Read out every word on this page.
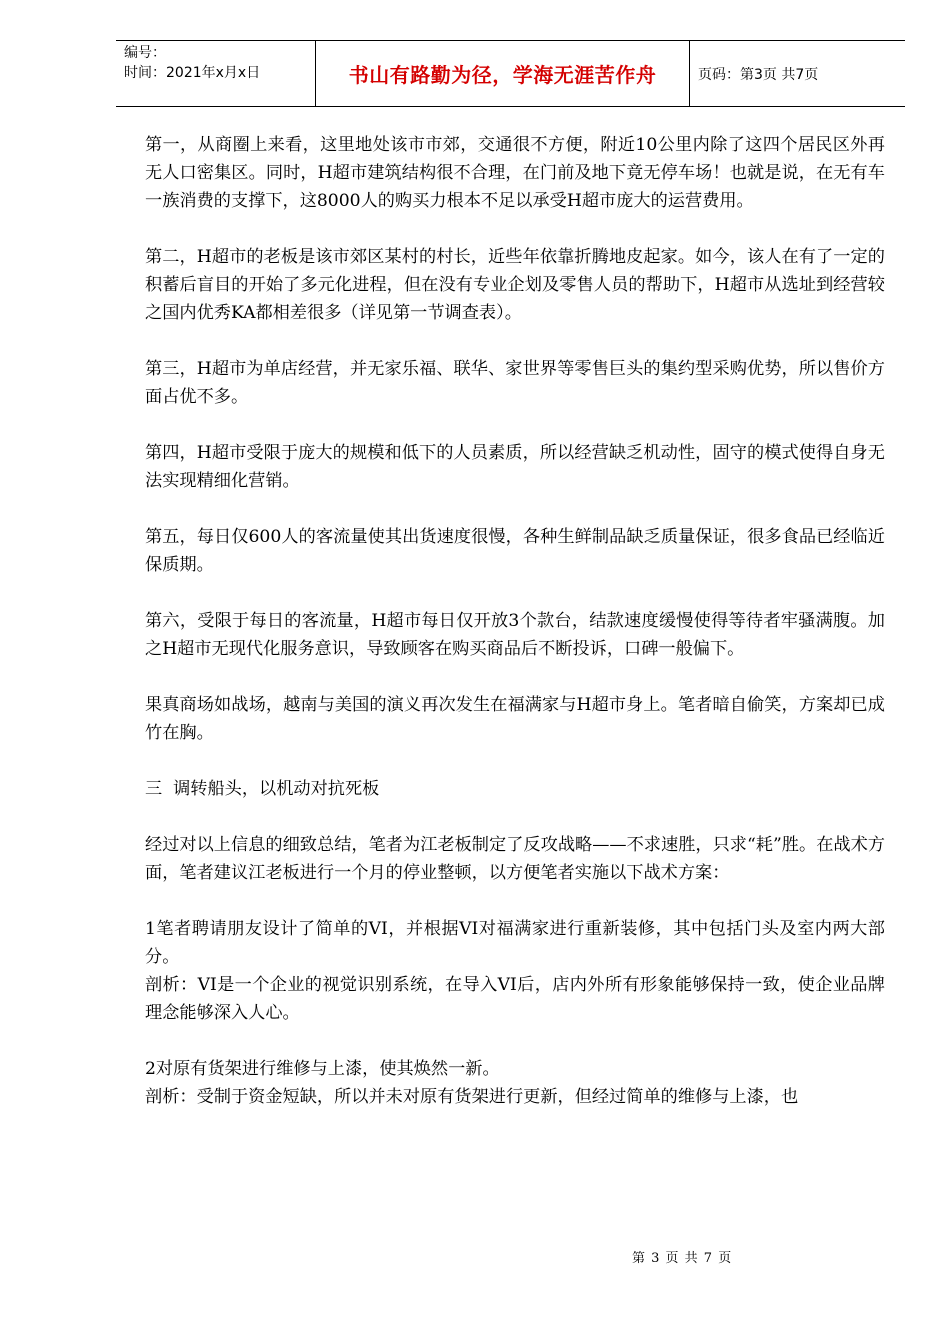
编号：
时间：2021年x月x日	书山有路勤为径，学海无涯苦作舟	页码：第3页 共7页

第一，从商圈上来看，这里地处该市市郊，交通很不方便，附近10公里内除了这四个居民区外再无人口密集区。同时，H超市建筑结构很不合理，在门前及地下竟无停车场！也就是说，在无有车一族消费的支撑下，这8000人的购买力根本不足以承受H超市庞大的运营费用。

第二，H超市的老板是该市郊区某村的村长，近些年依靠折腾地皮起家。如今，该人在有了一定的积蓄后盲目的开始了多元化进程，但在没有专业企划及零售人员的帮助下，H超市从选址到经营较之国内优秀KA都相差很多（详见第一节调查表）。

第三，H超市为单店经营，并无家乐福、联华、家世界等零售巨头的集约型采购优势，所以售价方面占优不多。

第四，H超市受限于庞大的规模和低下的人员素质，所以经营缺乏机动性，固守的模式使得自身无法实现精细化营销。

第五，每日仅600人的客流量使其出货速度很慢，各种生鲜制品缺乏质量保证，很多食品已经临近保质期。

第六，受限于每日的客流量，H超市每日仅开放3个款台，结款速度缓慢使得等待者牢骚满腹。加之H超市无现代化服务意识，导致顾客在购买商品后不断投诉，口碑一般偏下。

果真商场如战场，越南与美国的演义再次发生在福满家与H超市身上。笔者暗自偷笑，方案却已成竹在胸。

三  调转船头，以机动对抗死板

经过对以上信息的细致总结，笔者为江老板制定了反攻战略——不求速胜，只求“耗”胜。在战术方面，笔者建议江老板进行一个月的停业整顿，以方便笔者实施以下战术方案：

1笔者聘请朋友设计了简单的VI，并根据VI对福满家进行重新装修，其中包括门头及室内两大部分。

剖析：VI是一个企业的视觉识别系统，在导入VI后，店内外所有形象能够保持一致，使企业品牌理念能够深入人心。

2对原有货架进行维修与上漆，使其焕然一新。

剖析：受制于资金短缺，所以并未对原有货架进行更新，但经过简单的维修与上漆，也

第 3 页 共 7 页
